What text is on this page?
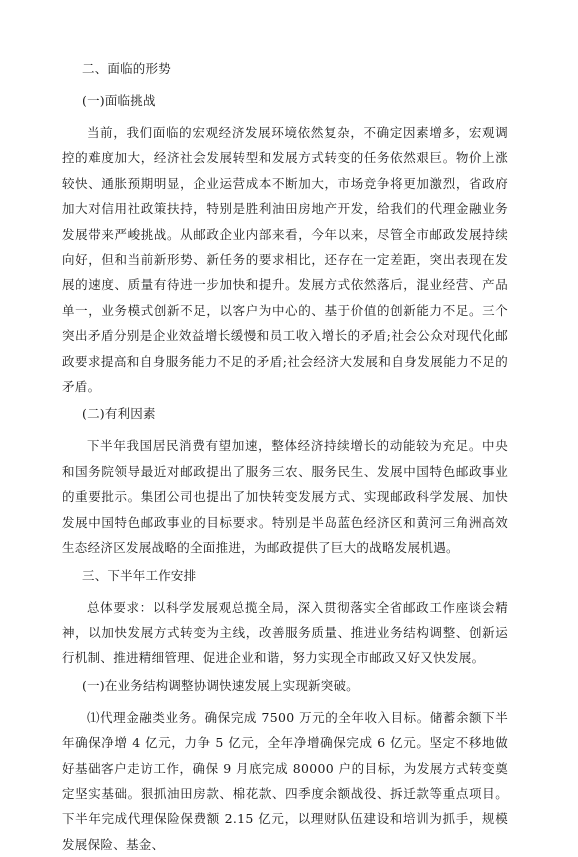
二、面临的形势

(一)面临挑战

当前，我们面临的宏观经济发展环境依然复杂，不确定因素增多，宏观调控的难度加大，经济社会发展转型和发展方式转变的任务依然艰巨。物价上涨较快、通胀预期明显，企业运营成本不断加大，市场竞争将更加激烈，省政府加大对信用社政策扶持，特别是胜利油田房地产开发，给我们的代理金融业务发展带来严峻挑战。从邮政企业内部来看，今年以来，尽管全市邮政发展持续向好，但和当前新形势、新任务的要求相比，还存在一定差距，突出表现在发展的速度、质量有待进一步加快和提升。发展方式依然落后，混业经营、产品单一，业务模式创新不足，以客户为中心的、基于价值的创新能力不足。三个突出矛盾分别是企业效益增长缓慢和员工收入增长的矛盾;社会公众对现代化邮政要求提高和自身服务能力不足的矛盾;社会经济大发展和自身发展能力不足的矛盾。

(二)有利因素

下半年我国居民消费有望加速，整体经济持续增长的动能较为充足。中央和国务院领导最近对邮政提出了服务三农、服务民生、发展中国特色邮政事业的重要批示。集团公司也提出了加快转变发展方式、实现邮政科学发展、加快发展中国特色邮政事业的目标要求。特别是半岛蓝色经济区和黄河三角洲高效生态经济区发展战略的全面推进，为邮政提供了巨大的战略发展机遇。

三、下半年工作安排

总体要求：以科学发展观总揽全局，深入贯彻落实全省邮政工作座谈会精神，以加快发展方式转变为主线，改善服务质量、推进业务结构调整、创新运行机制、推进精细管理、促进企业和谐，努力实现全市邮政又好又快发展。

(一)在业务结构调整协调快速发展上实现新突破。

⑴代理金融类业务。确保完成 7500 万元的全年收入目标。储蓄余额下半年确保净增 4 亿元，力争 5 亿元，全年净增确保完成 6 亿元。坚定不移地做好基础客户走访工作，确保 9 月底完成 80000 户的目标，为发展方式转变奠定坚实基础。狠抓油田房款、棉花款、四季度余额战役、拆迁款等重点项目。下半年完成代理保险保费额 2.15 亿元，以理财队伍建设和培训为抓手，规模发展保险、基金、
